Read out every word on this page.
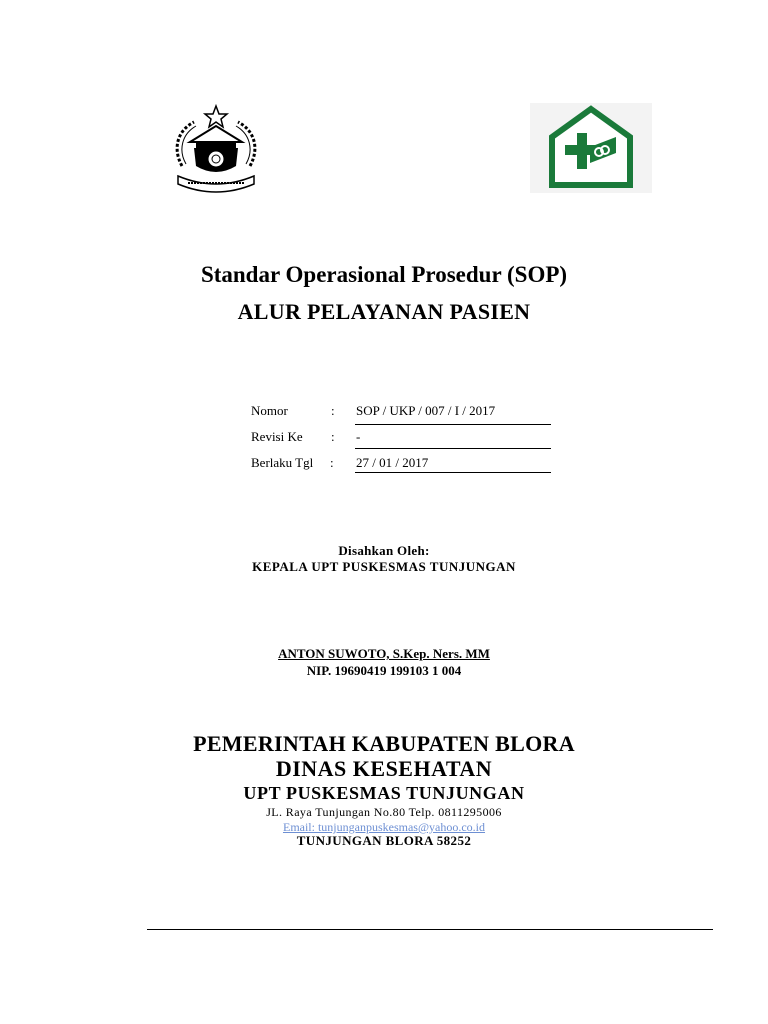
Standar Operasional Prosedur (SOP)
ALUR PELAYANAN PASIEN
Nomor	: SOP / UKP / 007 / I / 2017
Revisi Ke : -
Berlaku Tgl : 27 / 01 / 2017
Disahkan Oleh:
KEPALA UPT PUSKESMAS TUNJUNGAN
ANTON SUWOTO, S.Kep. Ners. MM
NIP. 19690419 199103 1 004
PEMERINTAH KABUPATEN BLORA
DINAS KESEHATAN
UPT PUSKESMAS TUNJUNGAN
JL. Raya Tunjungan No.80 Telp. 0811295006
Email: tunjunganpuskesmas@yahoo.co.id
TUNJUNGAN BLORA 58252
